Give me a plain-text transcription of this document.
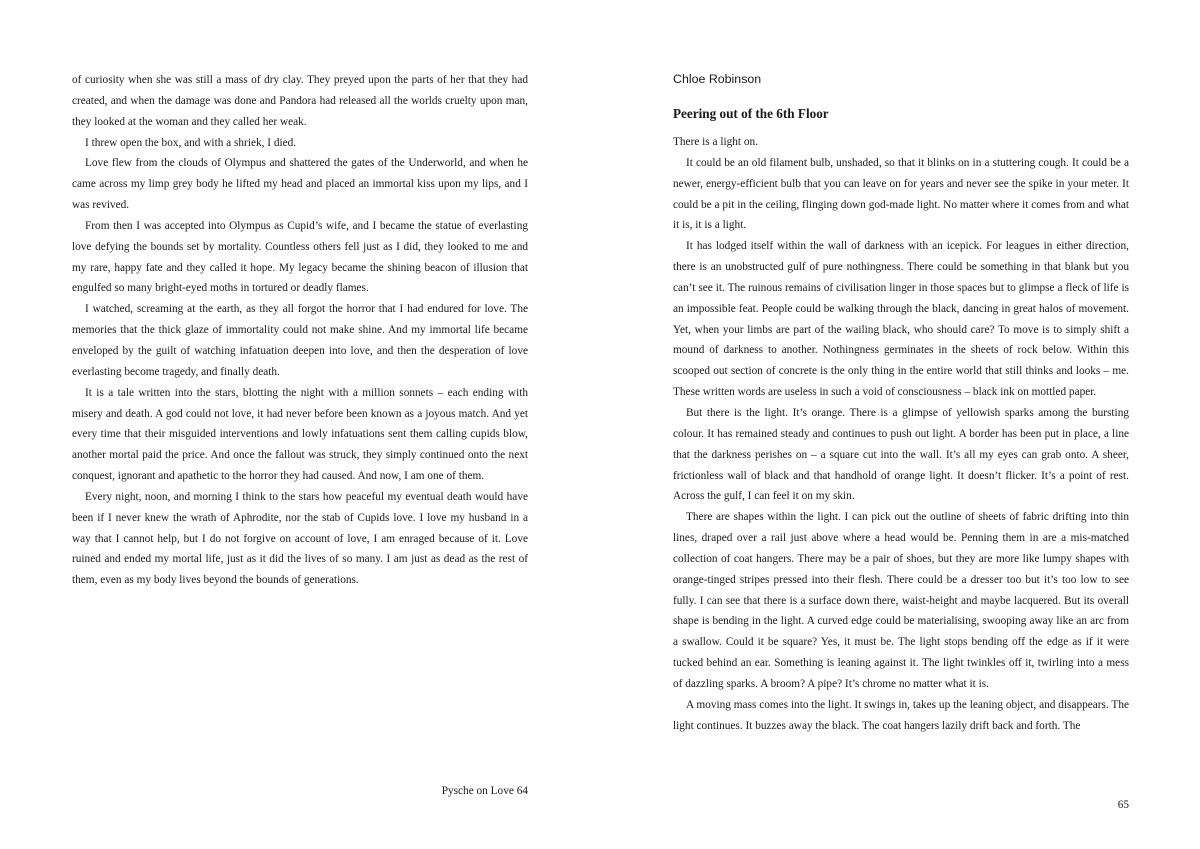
of curiosity when she was still a mass of dry clay. They preyed upon the parts of her that they had created, and when the damage was done and Pandora had released all the worlds cruelty upon man, they looked at the woman and they called her weak.

I threw open the box, and with a shriek, I died.

Love flew from the clouds of Olympus and shattered the gates of the Underworld, and when he came across my limp grey body he lifted my head and placed an immortal kiss upon my lips, and I was revived.

From then I was accepted into Olympus as Cupid’s wife, and I became the statue of everlasting love defying the bounds set by mortality. Countless others fell just as I did, they looked to me and my rare, happy fate and they called it hope. My legacy became the shining beacon of illusion that engulfed so many bright-eyed moths in tortured or deadly flames.

I watched, screaming at the earth, as they all forgot the horror that I had endured for love. The memories that the thick glaze of immortality could not make shine. And my immortal life became enveloped by the guilt of watching infatuation deepen into love, and then the desperation of love everlasting become tragedy, and finally death.

It is a tale written into the stars, blotting the night with a million sonnets – each ending with misery and death. A god could not love, it had never before been known as a joyous match. And yet every time that their misguided interventions and lowly infatuations sent them calling cupids blow, another mortal paid the price. And once the fallout was struck, they simply continued onto the next conquest, ignorant and apathetic to the horror they had caused. And now, I am one of them.

Every night, noon, and morning I think to the stars how peaceful my eventual death would have been if I never knew the wrath of Aphrodite, nor the stab of Cupids love. I love my husband in a way that I cannot help, but I do not forgive on account of love, I am enraged because of it. Love ruined and ended my mortal life, just as it did the lives of so many. I am just as dead as the rest of them, even as my body lives beyond the bounds of generations.

Pysche on Love 64

Chloe Robinson

Peering out of the 6th Floor

There is a light on.

It could be an old filament bulb, unshaded, so that it blinks on in a stuttering cough. It could be a newer, energy-efficient bulb that you can leave on for years and never see the spike in your meter. It could be a pit in the ceiling, flinging down god-made light. No matter where it comes from and what it is, it is a light.

It has lodged itself within the wall of darkness with an icepick. For leagues in either direction, there is an unobstructed gulf of pure nothingness. There could be something in that blank but you can’t see it. The ruinous remains of civilisation linger in those spaces but to glimpse a fleck of life is an impossible feat. People could be walking through the black, dancing in great halos of movement. Yet, when your limbs are part of the wailing black, who should care? To move is to simply shift a mound of darkness to another. Nothingness germinates in the sheets of rock below. Within this scooped out section of concrete is the only thing in the entire world that still thinks and looks – me. These written words are useless in such a void of consciousness – black ink on mottled paper.

But there is the light. It’s orange. There is a glimpse of yellowish sparks among the bursting colour. It has remained steady and continues to push out light. A border has been put in place, a line that the darkness perishes on – a square cut into the wall. It’s all my eyes can grab onto. A sheer, frictionless wall of black and that handhold of orange light. It doesn’t flicker. It’s a point of rest. Across the gulf, I can feel it on my skin.

There are shapes within the light. I can pick out the outline of sheets of fabric drifting into thin lines, draped over a rail just above where a head would be. Penning them in are a mis-matched collection of coat hangers. There may be a pair of shoes, but they are more like lumpy shapes with orange-tinged stripes pressed into their flesh. There could be a dresser too but it’s too low to see fully. I can see that there is a surface down there, waist-height and maybe lacquered. But its overall shape is bending in the light. A curved edge could be materialising, swooping away like an arc from a swallow. Could it be square? Yes, it must be. The light stops bending off the edge as if it were tucked behind an ear. Something is leaning against it. The light twinkles off it, twirling into a mess of dazzling sparks. A broom? A pipe? It’s chrome no matter what it is.

A moving mass comes into the light. It swings in, takes up the leaning object, and disappears. The light continues. It buzzes away the black. The coat hangers lazily drift back and forth. The

65
